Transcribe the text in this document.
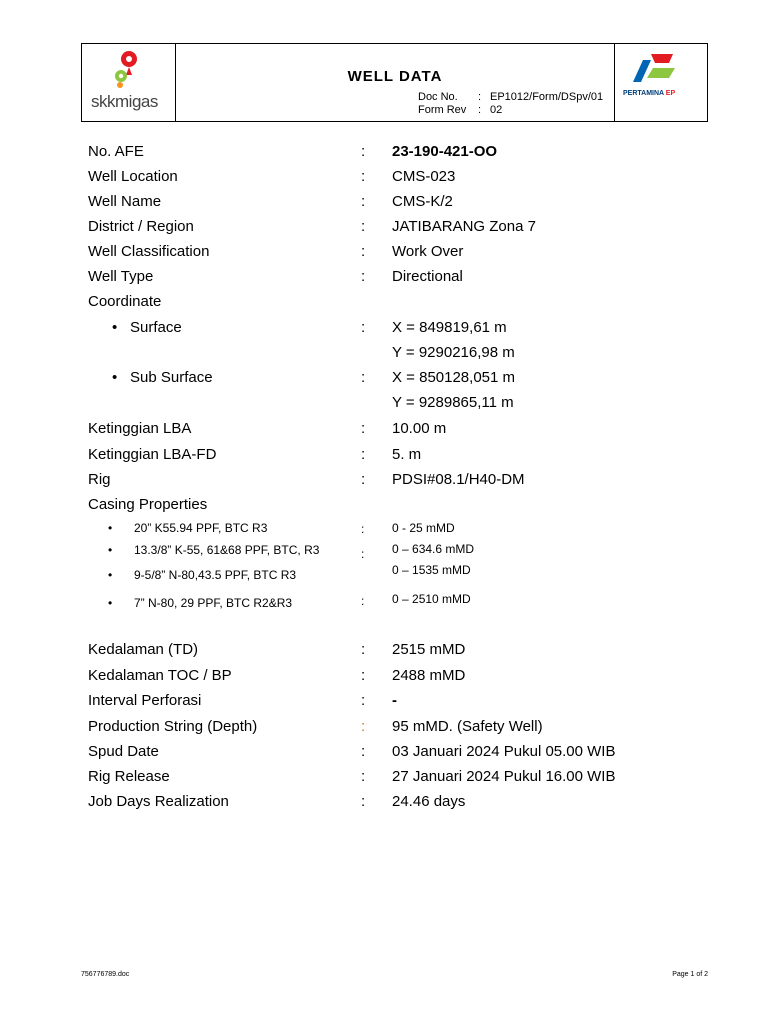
skkmigas
WELL DATA
Doc No. : EP1012/Form/DSpv/01
Form Rev : 02
PERTAMINA EP
No. AFE	: 23-190-421-OO
Well Location	: CMS-023
Well Name	: CMS-K/2
District / Region	: JATIBARANG Zona 7
Well Classification	: Work Over
Well Type	: Directional
Coordinate
• Surface	: X = 849819,61 m
Y = 9290216,98 m
• Sub Surface	: X = 850128,051 m
Y = 9289865,11 m
Ketinggian LBA	: 10.00 m
Ketinggian LBA-FD	: 5. m
Rig	: PDSI#08.1/H40-DM
Casing Properties
• 20” K55.94 PPF, BTC R3	: 0 - 25 mMD
• 13.3/8” K-55, 61&68 PPF, BTC, R3	: 0 – 634.6 mMD
• 9-5/8” N-80,43.5 PPF, BTC R3	0 – 1535 mMD
• 7” N-80, 29 PPF, BTC R2&R3	: 0 – 2510 mMD
Kedalaman (TD)	: 2515 mMD
Kedalaman TOC / BP	: 2488 mMD
Interval Perforasi	: -
Production String (Depth)	: 95 mMD. (Safety Well)
Spud Date	: 03 Januari 2024 Pukul 05.00 WIB
Rig Release	: 27 Januari 2024 Pukul 16.00 WIB
Job Days Realization	: 24.46 days
756776789.doc	Page 1 of 2
